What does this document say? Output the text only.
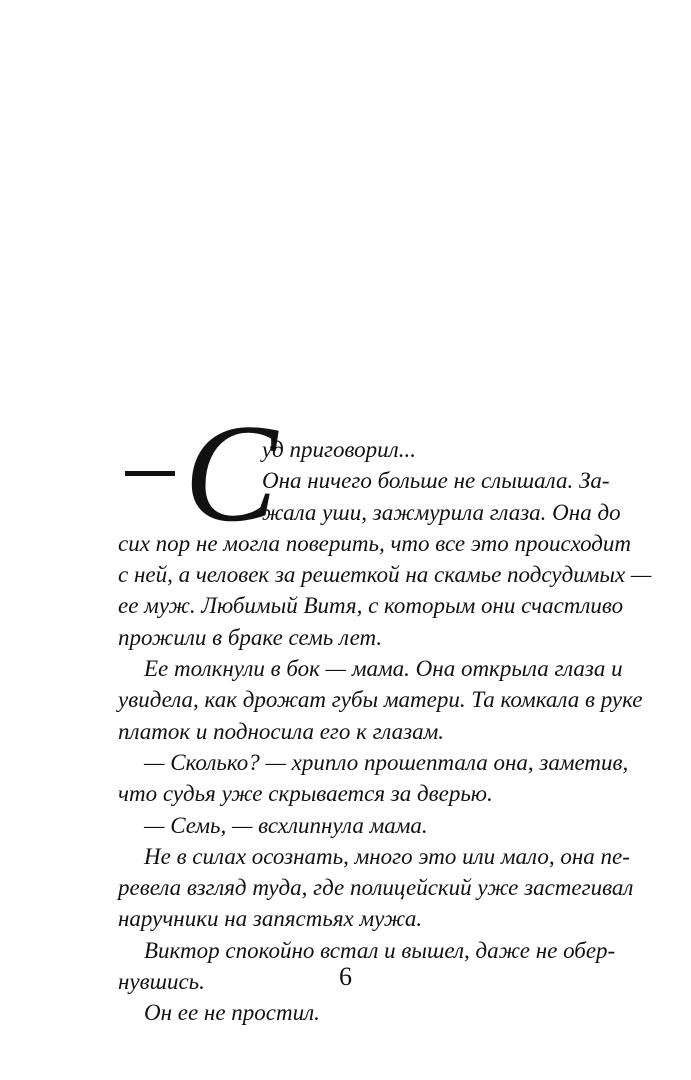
С
уд приговорил...
Она ничего больше не слышала. За-
жала уши, зажмурила глаза. Она до
сих пор не могла поверить, что все это происходит
с ней, а человек за решеткой на скамье подсудимых —
ее муж. Любимый Витя, с которым они счастливо
прожили в браке семь лет.
Ее толкнули в бок — мама. Она открыла глаза и
увидела, как дрожат губы матери. Та комкала в руке
платок и подносила его к глазам.
— Сколько? — хрипло прошептала она, заметив,
что судья уже скрывается за дверью.
— Семь, — всхлипнула мама.
Не в силах осознать, много это или мало, она пе-
ревела взгляд туда, где полицейский уже застегивал
наручники на запястьях мужа.
Виктор спокойно встал и вышел, даже не обер-
нувшись.
Он ее не простил.
6
